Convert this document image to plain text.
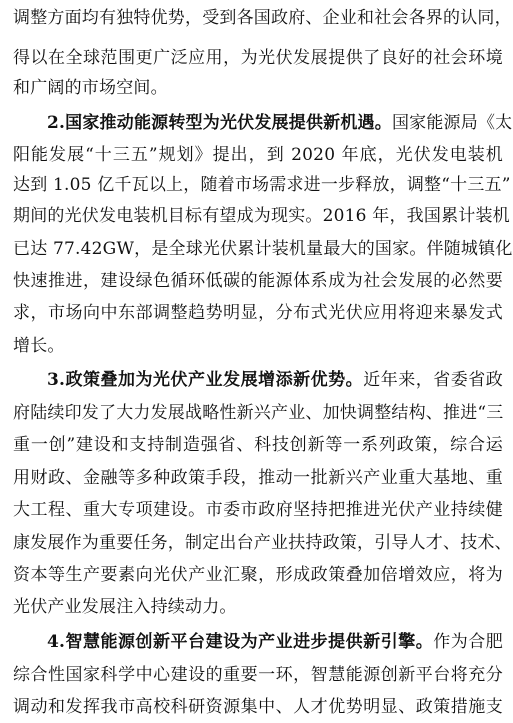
调整方面均有独特优势，受到各国政府、企业和社会各界的认同，
得以在全球范围更广泛应用，为光伏发展提供了良好的社会环境
和广阔的市场空间。
2.国家推动能源转型为光伏发展提供新机遇。国家能源局《太
阳能发展“十三五”规划》提出，到 2020 年底，光伏发电装机
达到 1.05 亿千瓦以上，随着市场需求进一步释放，调整“十三五”
期间的光伏发电装机目标有望成为现实。2016 年，我国累计装机
已达 77.42GW，是全球光伏累计装机量最大的国家。伴随城镇化
快速推进，建设绿色循环低碳的能源体系成为社会发展的必然要
求，市场向中东部调整趋势明显，分布式光伏应用将迎来暴发式
增长。
3.政策叠加为光伏产业发展增添新优势。近年来，省委省政
府陆续印发了大力发展战略性新兴产业、加快调整结构、推进“三
重一创”建设和支持制造强省、科技创新等一系列政策，综合运
用财政、金融等多种政策手段，推动一批新兴产业重大基地、重
大工程、重大专项建设。市委市政府坚持把推进光伏产业持续健
康发展作为重要任务，制定出台产业扶持政策，引导人才、技术、
资本等生产要素向光伏产业汇聚，形成政策叠加倍增效应，将为
光伏产业发展注入持续动力。
4.智慧能源创新平台建设为产业进步提供新引擎。作为合肥
综合性国家科学中心建设的重要一环，智慧能源创新平台将充分
调动和发挥我市高校科研资源集中、人才优势明显、政策措施支
